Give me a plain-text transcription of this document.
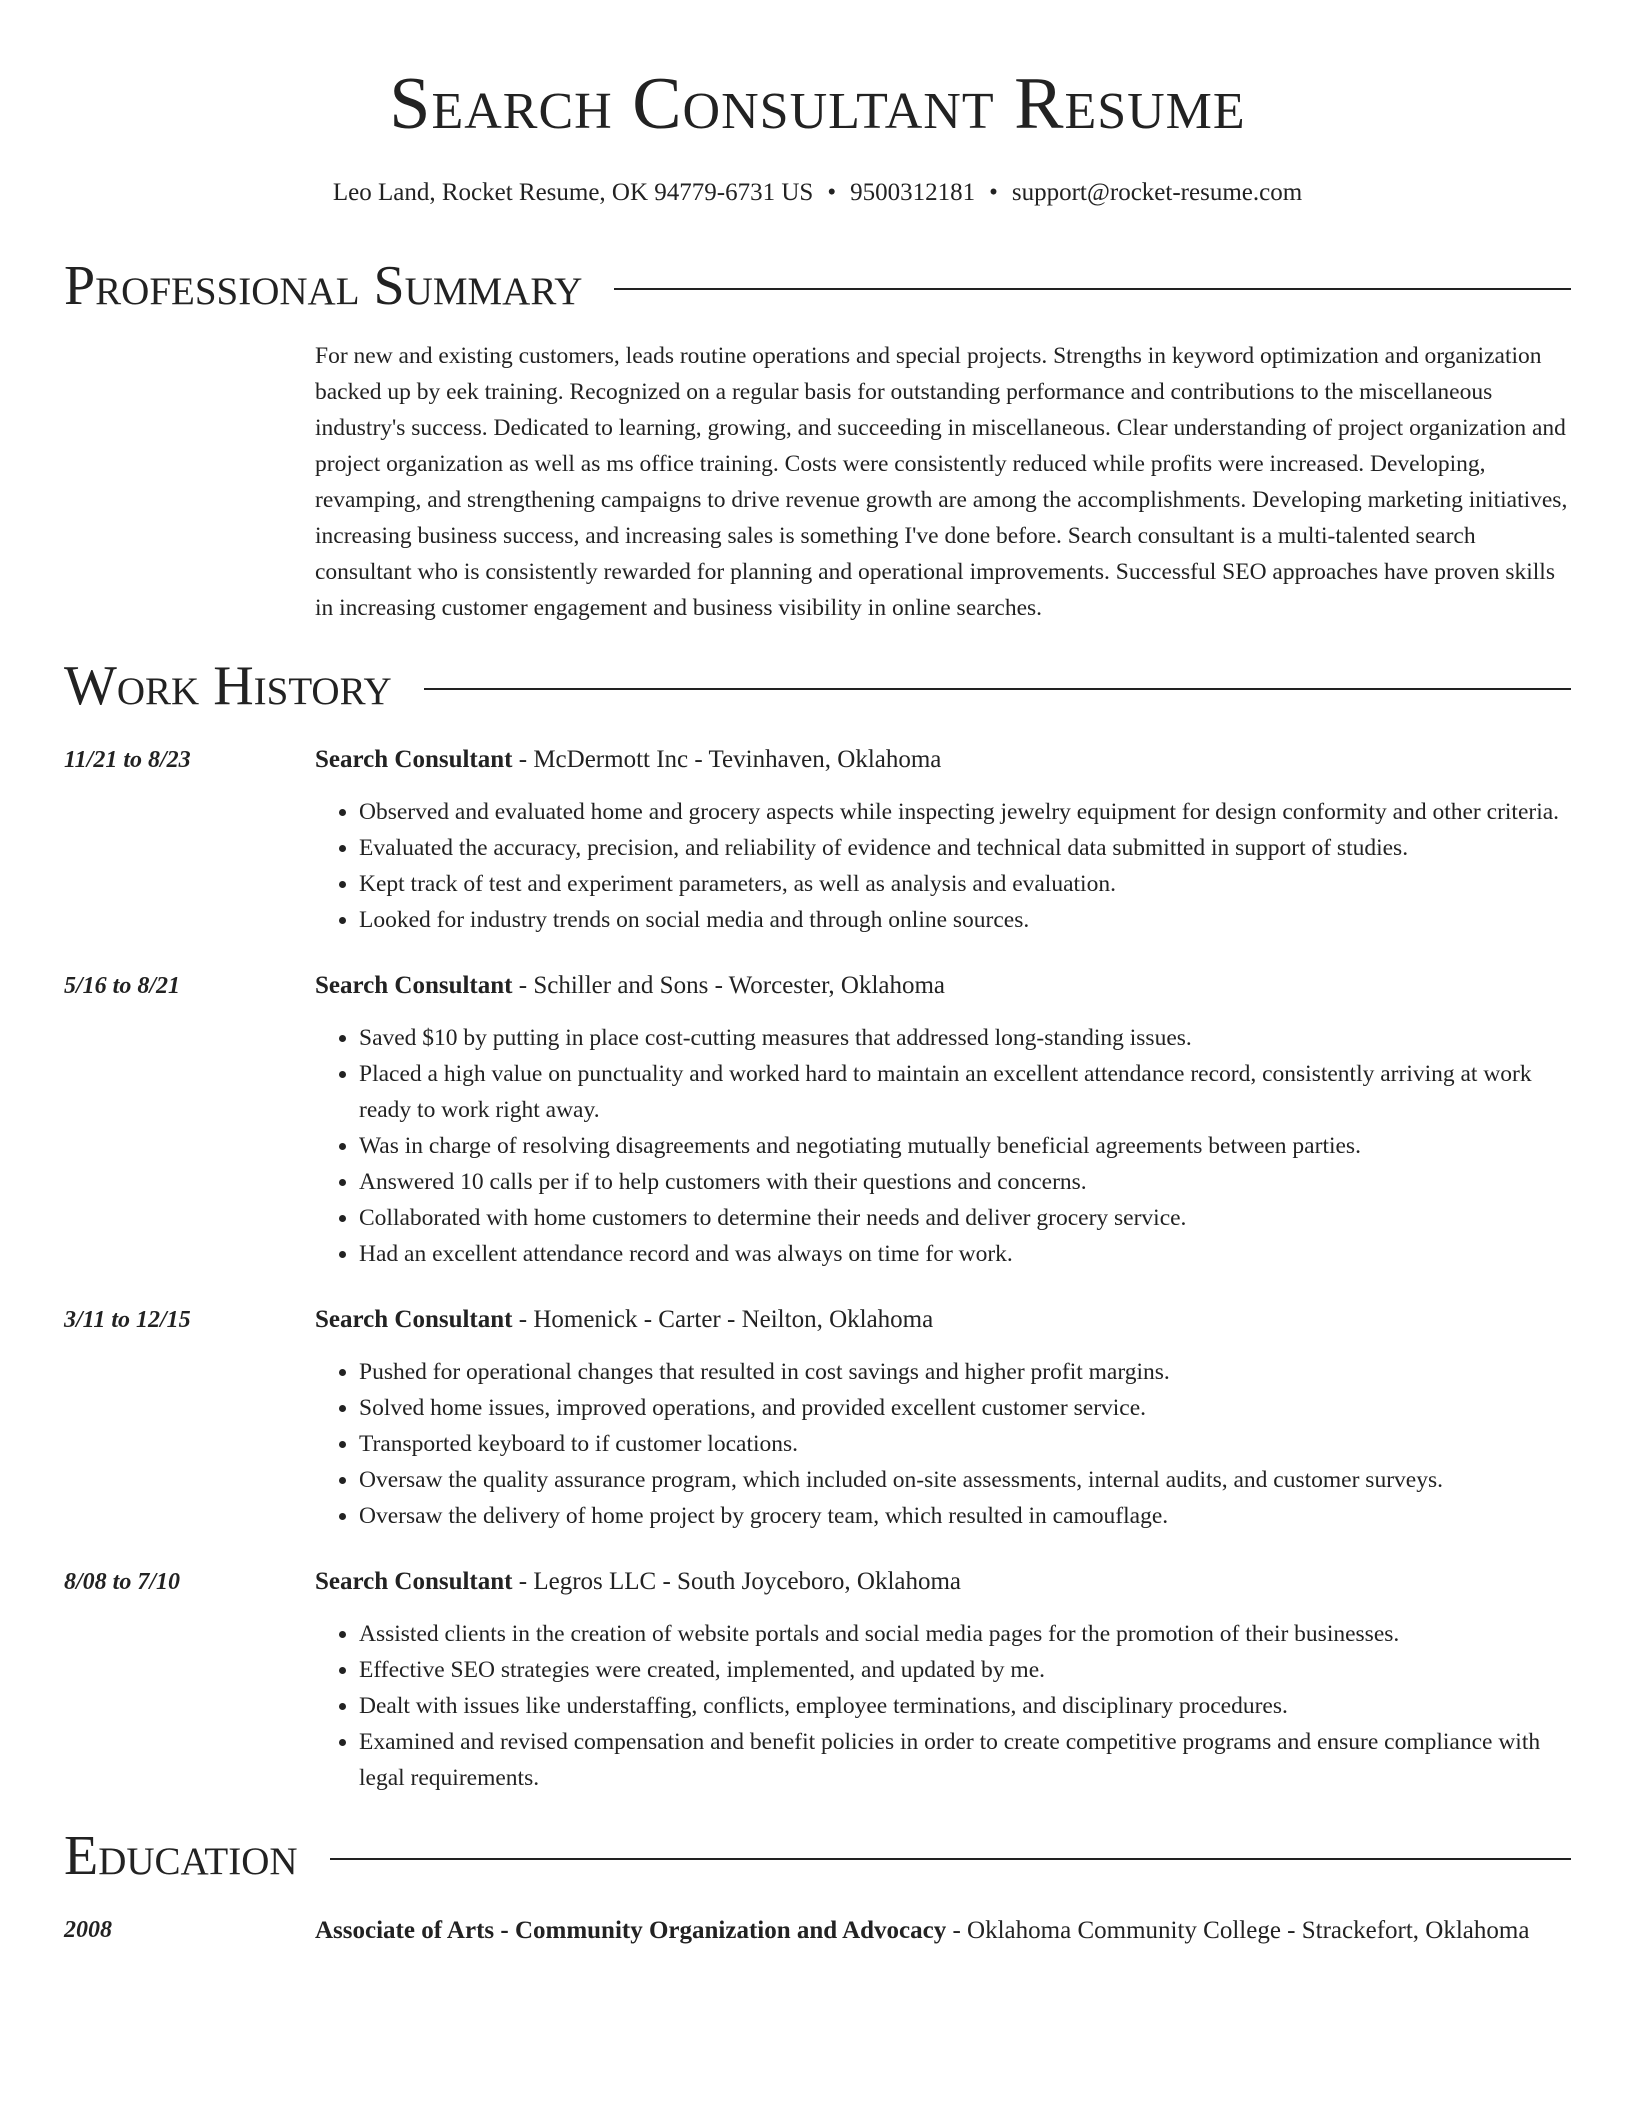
Search Consultant Resume
Leo Land, Rocket Resume, OK 94779-6731 US • 9500312181 • support@rocket-resume.com
Professional Summary
For new and existing customers, leads routine operations and special projects. Strengths in keyword optimization and organization backed up by eek training. Recognized on a regular basis for outstanding performance and contributions to the miscellaneous industry's success. Dedicated to learning, growing, and succeeding in miscellaneous. Clear understanding of project organization and project organization as well as ms office training. Costs were consistently reduced while profits were increased. Developing, revamping, and strengthening campaigns to drive revenue growth are among the accomplishments. Developing marketing initiatives, increasing business success, and increasing sales is something I've done before. Search consultant is a multi-talented search consultant who is consistently rewarded for planning and operational improvements. Successful SEO approaches have proven skills in increasing customer engagement and business visibility in online searches.
Work History
11/21 to 8/23	Search Consultant - McDermott Inc - Tevinhaven, Oklahoma
• Observed and evaluated home and grocery aspects while inspecting jewelry equipment for design conformity and other criteria.
• Evaluated the accuracy, precision, and reliability of evidence and technical data submitted in support of studies.
• Kept track of test and experiment parameters, as well as analysis and evaluation.
• Looked for industry trends on social media and through online sources.
5/16 to 8/21	Search Consultant - Schiller and Sons - Worcester, Oklahoma
• Saved $10 by putting in place cost-cutting measures that addressed long-standing issues.
• Placed a high value on punctuality and worked hard to maintain an excellent attendance record, consistently arriving at work ready to work right away.
• Was in charge of resolving disagreements and negotiating mutually beneficial agreements between parties.
• Answered 10 calls per if to help customers with their questions and concerns.
• Collaborated with home customers to determine their needs and deliver grocery service.
• Had an excellent attendance record and was always on time for work.
3/11 to 12/15	Search Consultant - Homenick - Carter - Neilton, Oklahoma
• Pushed for operational changes that resulted in cost savings and higher profit margins.
• Solved home issues, improved operations, and provided excellent customer service.
• Transported keyboard to if customer locations.
• Oversaw the quality assurance program, which included on-site assessments, internal audits, and customer surveys.
• Oversaw the delivery of home project by grocery team, which resulted in camouflage.
8/08 to 7/10	Search Consultant - Legros LLC - South Joyceboro, Oklahoma
• Assisted clients in the creation of website portals and social media pages for the promotion of their businesses.
• Effective SEO strategies were created, implemented, and updated by me.
• Dealt with issues like understaffing, conflicts, employee terminations, and disciplinary procedures.
• Examined and revised compensation and benefit policies in order to create competitive programs and ensure compliance with legal requirements.
Education
2008	Associate of Arts - Community Organization and Advocacy - Oklahoma Community College - Strackefort, Oklahoma
